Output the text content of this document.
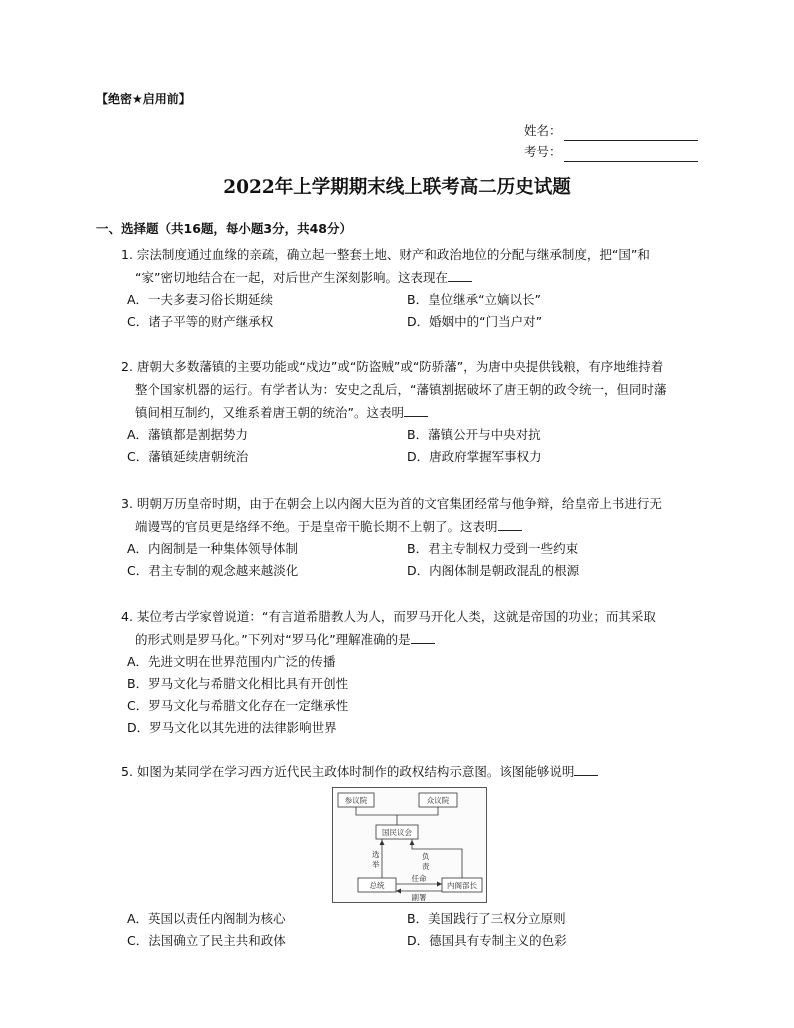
【绝密★启用前】
姓名：
考号：
2022年上学期期末线上联考高二历史试题
一、选择题（共16题，每小题3分，共48分）
1. 宗法制度通过血缘的亲疏，确立起一整套土地、财产和政治地位的分配与继承制度，把“国”和
“家”密切地结合在一起，对后世产生深刻影响。这表现在
A．一夫多妻习俗长期延续	B．皇位继承“立嫡以长”
C．诸子平等的财产继承权	D．婚姻中的“门当户对”
2. 唐朝大多数藩镇的主要功能或“戍边”或“防盗贼”或“防骄藩”，为唐中央提供钱粮，有序地维持着
整个国家机器的运行。有学者认为：安史之乱后，“藩镇割据破坏了唐王朝的政令统一，但同时藩
镇间相互制约，又维系着唐王朝的统治”。这表明
A．藩镇都是割据势力	B．藩镇公开与中央对抗
C．藩镇延续唐朝统治	D．唐政府掌握军事权力
3. 明朝万历皇帝时期，由于在朝会上以内阁大臣为首的文官集团经常与他争辩，给皇帝上书进行无
端谩骂的官员更是络绎不绝。于是皇帝干脆长期不上朝了。这表明
A．内阁制是一种集体领导体制	B．君主专制权力受到一些约束
C．君主专制的观念越来越淡化	D．内阁体制是朝政混乱的根源
4. 某位考古学家曾说道：“有言道希腊教人为人，而罗马开化人类，这就是帝国的功业；而其采取
的形式则是罗马化。”下列对“罗马化”理解准确的是
A．先进文明在世界范围内广泛的传播
B．罗马文化与希腊文化相比具有开创性
C．罗马文化与希腊文化存在一定继承性
D．罗马文化以其先进的法律影响世界
5. 如图为某同学在学习西方近代民主政体时制作的政权结构示意图。该图能够说明
参议院	众议院
国民议会
总统	内阁部长
选
举
负
责
任命
副署
A．英国以责任内阁制为核心	B．美国践行了三权分立原则
C．法国确立了民主共和政体	D．德国具有专制主义的色彩
